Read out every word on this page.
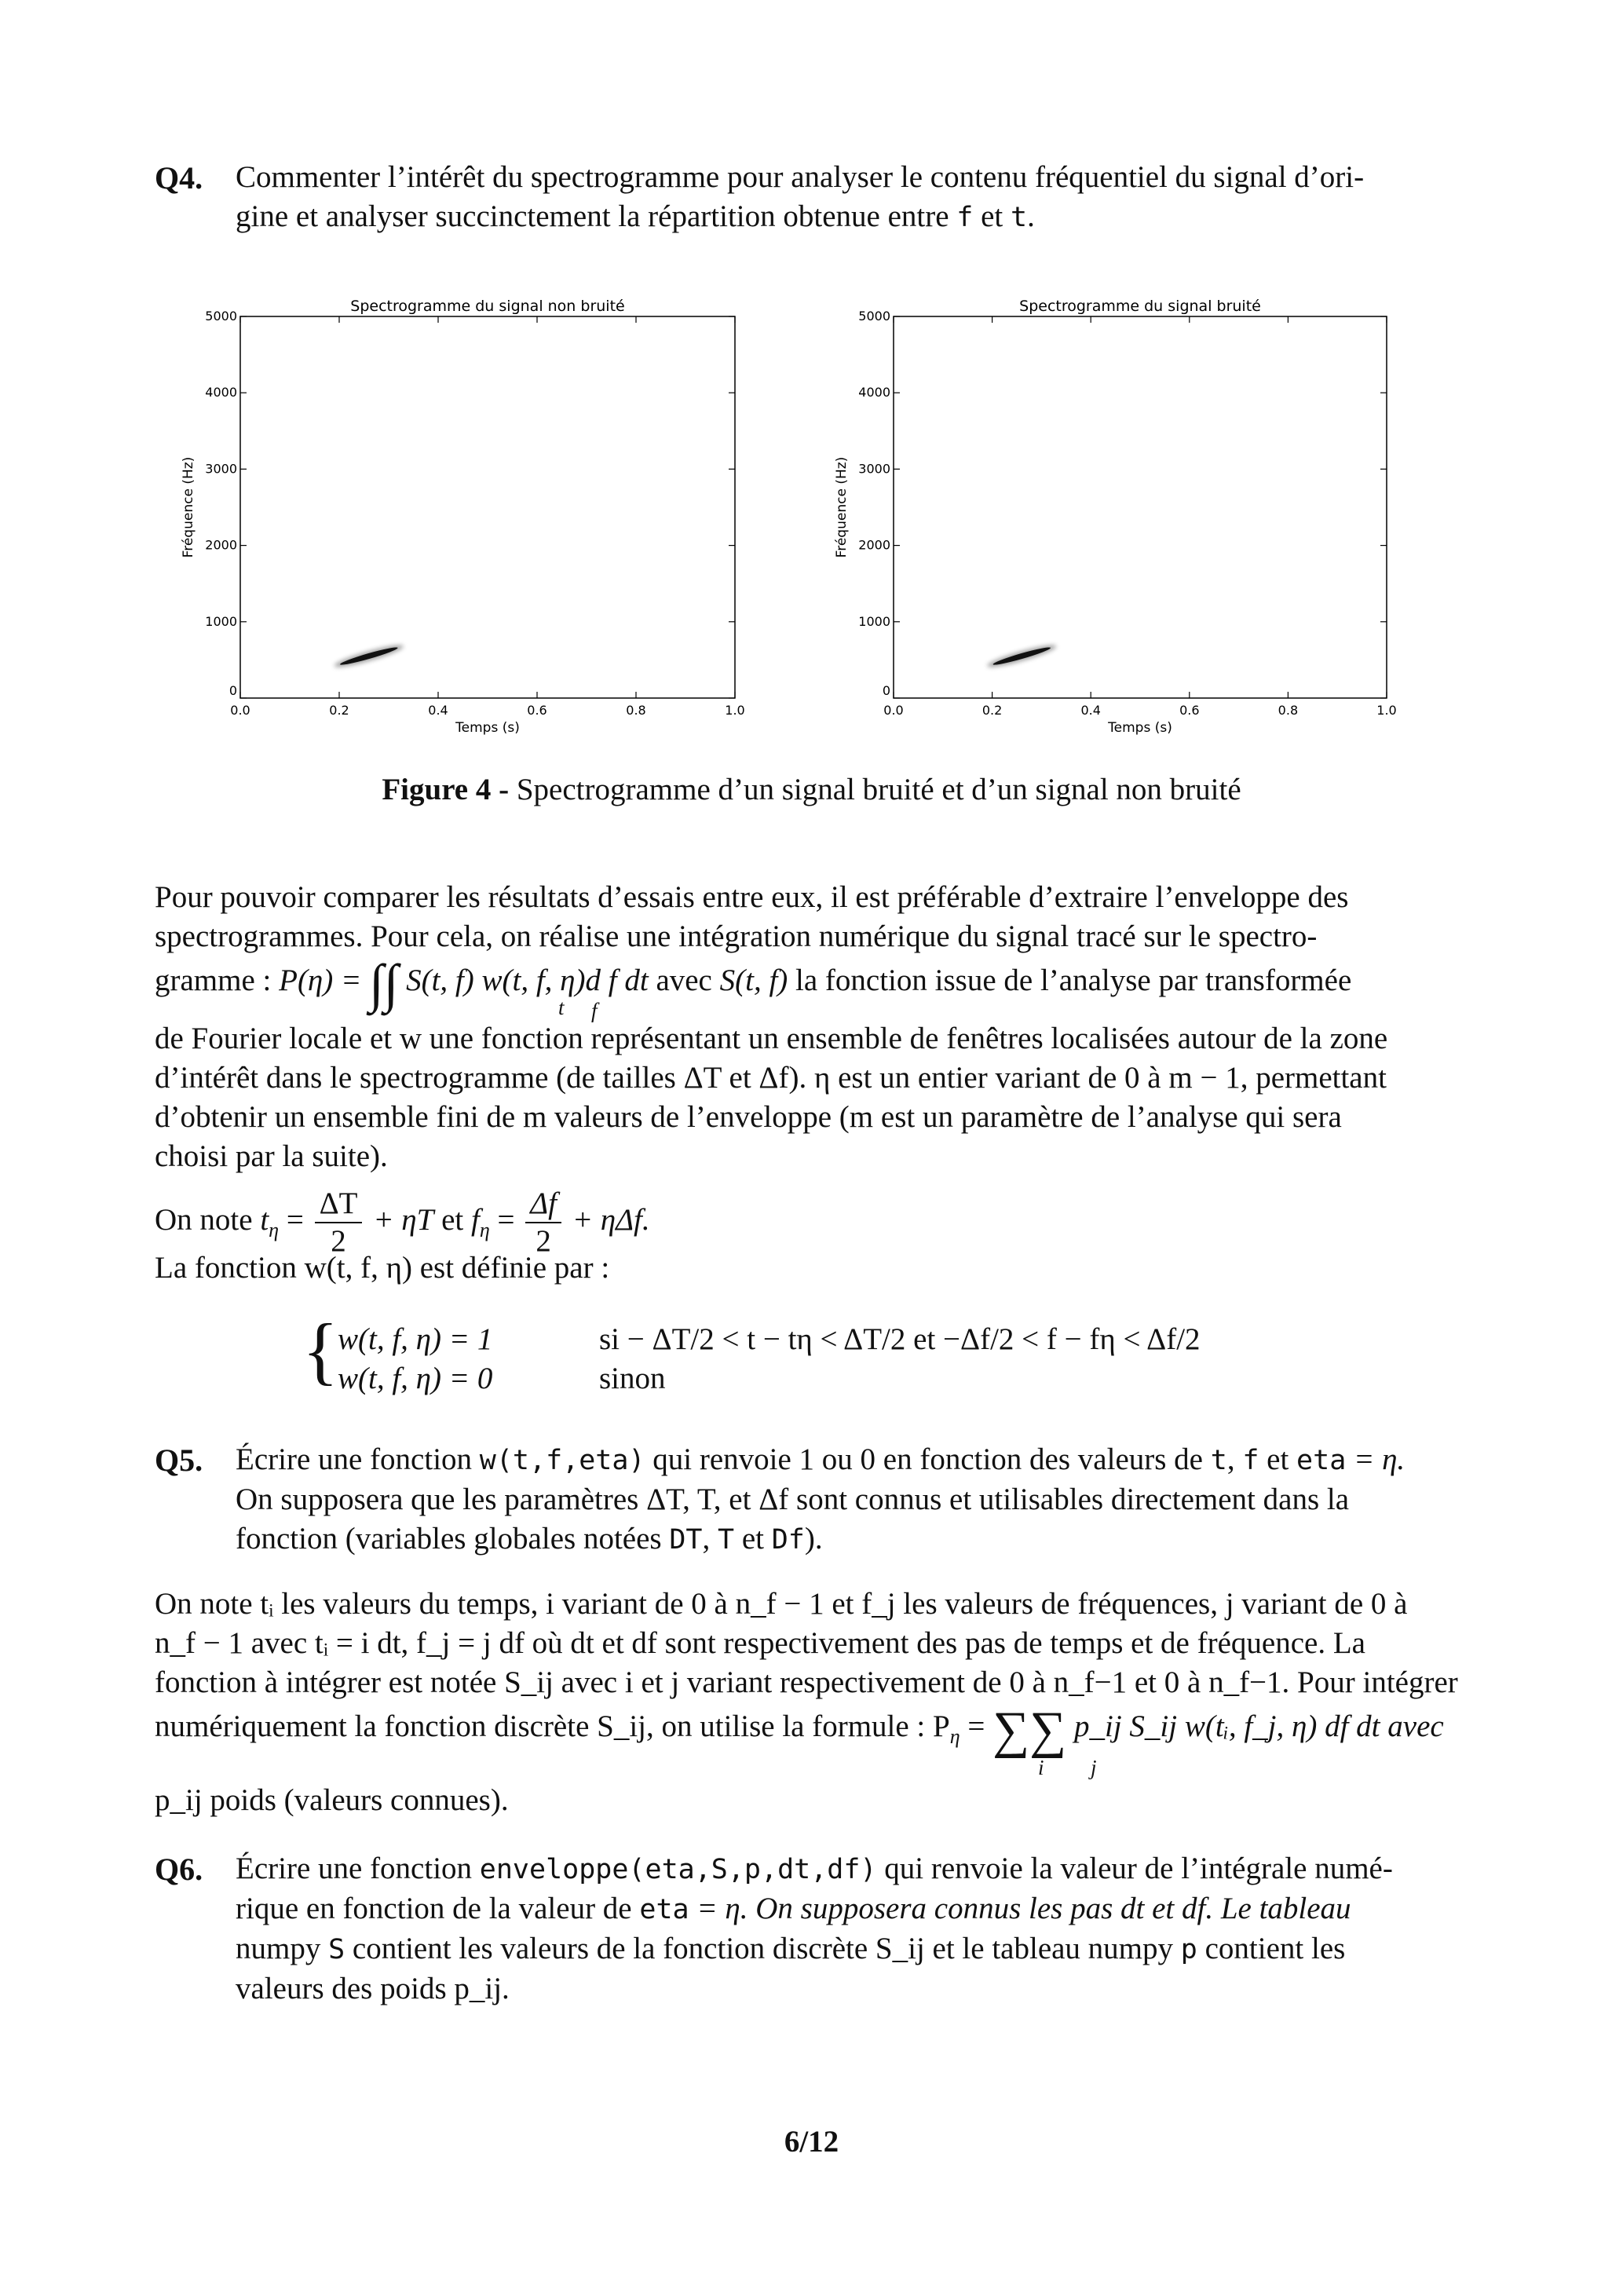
Q4. Commenter l’intérêt du spectrogramme pour analyser le contenu fréquentiel du signal d’ori-
gine et analyser succinctement la répartition obtenue entre f et t.
0.0	0.2	0.4	0.6	0.8	1.0
0
1000
2000
3000
4000
5000
Spectrogramme du signal non bruité
Temps (s)
Fréquence (Hz)
0.0	0.2	0.4	0.6	0.8	1.0
0
1000
2000
3000
4000
5000
Spectrogramme du signal bruité
Temps (s)
Fréquence (Hz)
Figure 4 - Spectrogramme d’un signal bruité et d’un signal non bruité
Pour pouvoir comparer les résultats d’essais entre eux, il est préférable d’extraire l’enveloppe des
spectrogrammes. Pour cela, on réalise une intégration numérique du signal tracé sur le spectro-
gramme : P(η) = ∫∫ S(t, f) w(t, f, η)d f dt avec S(t, f) la fonction issue de l’analyse par transformée
t f
de Fourier locale et w une fonction représentant un ensemble de fenêtres localisées autour de la zone
d’intérêt dans le spectrogramme (de tailles ΔT et Δf). η est un entier variant de 0 à m − 1, permettant
d’obtenir un ensemble fini de m valeurs de l’enveloppe (m est un paramètre de l’analyse qui sera
choisi par la suite).
On note $t_\eta = \frac{\Delta T}{2} + \eta T$ et $f_\eta = \frac{\Delta f}{2} + \eta\Delta f$.
La fonction w(t, f, η) est définie par :
{
w(t, f, η) = 1	si − ΔT/2 < t − tη < ΔT/2 et −Δf/2 < f − fη < Δf/2
w(t, f, η) = 0	sinon
Q5. Écrire une fonction w(t,f,eta) qui renvoie 1 ou 0 en fonction des valeurs de t, f et eta = η.
On supposera que les paramètres ΔT, T, et Δf sont connus et utilisables directement dans la
fonction (variables globales notées DT, T et Df).
On note tᵢ les valeurs du temps, i variant de 0 à n_f − 1 et f_j les valeurs de fréquences, j variant de 0 à
n_f − 1 avec tᵢ = i dt, f_j = j df où dt et df sont respectivement des pas de temps et de fréquence. La
fonction à intégrer est notée S_ij avec i et j variant respectivement de 0 à n_f−1 et 0 à n_f−1. Pour intégrer
numériquement la fonction discrète S_ij, on utilise la formule : $P_\eta$ = ∑∑ p_ij S_ij w(tᵢ, f_j, η) df dt avec
i j
p_ij poids (valeurs connues).
Q6. Écrire une fonction enveloppe(eta,S,p,dt,df) qui renvoie la valeur de l’intégrale numé-
rique en fonction de la valeur de eta = η. On supposera connus les pas dt et df. Le tableau
numpy S contient les valeurs de la fonction discrète S_ij et le tableau numpy p contient les
valeurs des poids p_ij.
6/12
